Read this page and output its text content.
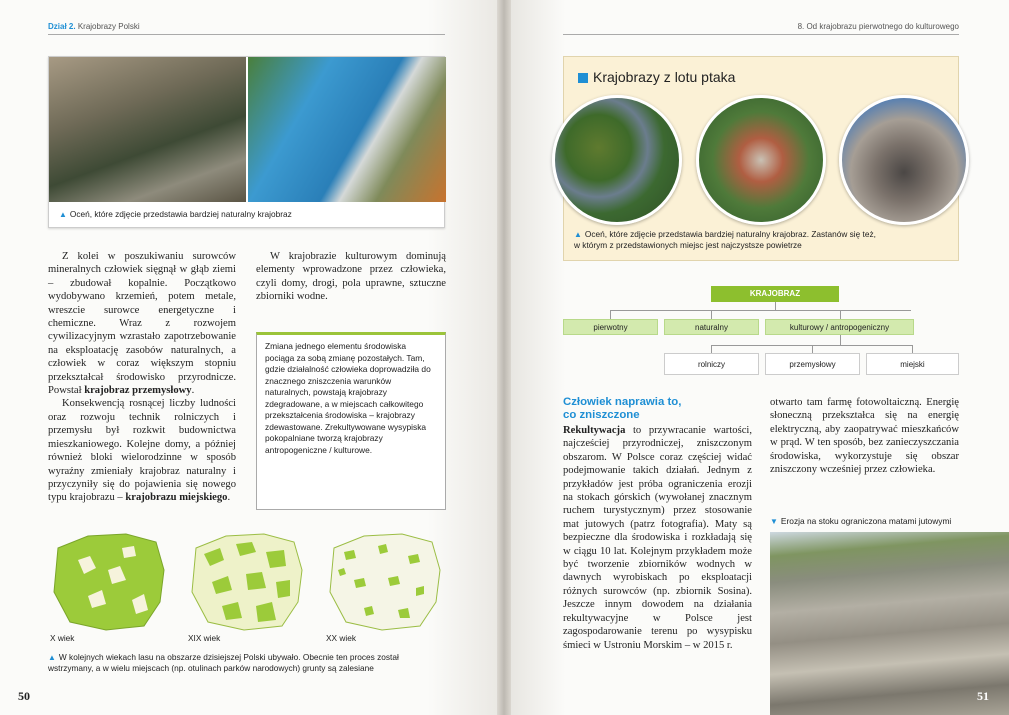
Dział 2. Krajobrazy Polski	8. Od krajobrazu pierwotnego do kulturowego
▲ Oceń, które zdjęcie przedstawia bardziej naturalny krajobraz

Z kolei w poszukiwaniu surowców mineralnych człowiek sięgnął w głąb ziemi – zbudował kopalnie. Początkowo wydobywano krzemień, potem metale, wreszcie surowce energetyczne i chemiczne. Wraz z rozwojem cywilizacyjnym wzrastało zapotrzebowanie na eksploatację zasobów naturalnych, a człowiek w coraz większym stopniu przekształcał środowisko przyrodnicze. Powstał krajobraz przemysłowy.

Konsekwencją rosnącej liczby ludności oraz rozwoju technik rolniczych i przemysłu był rozkwit budownictwa mieszkaniowego. Kolejne domy, a później również bloki wielorodzinne w sposób wyraźny zmieniały krajobraz naturalny i przyczyniły się do pojawienia się nowego typu krajobrazu – krajobrazu miejskiego.

W krajobrazie kulturowym dominują elementy wprowadzone przez człowieka, czyli domy, drogi, pola uprawne, sztuczne zbiorniki wodne.

Zmiana jednego elementu środowiska pociąga za sobą zmianę pozostałych. Tam, gdzie działalność człowieka doprowadziła do znacznego zniszczenia warunków naturalnych, powstają krajobrazy zdegradowane, a w miejscach całkowitego przekształcenia środowiska – krajobrazy zdewastowane. Zrekultywowane wysypiska pokopalniane tworzą krajobrazy antropogeniczne / kulturowe.
X wiek	XIX wiek	XX wiek
▲ W kolejnych wiekach lasu na obszarze dzisiejszej Polski ubywało. Obecnie ten proces został
wstrzymany, a w wielu miejscach (np. otulinach parków narodowych) grunty są zalesiane
50
Krajobrazy z lotu ptaka
▲ Oceń, które zdjęcie przedstawia bardziej naturalny krajobraz. Zastanów się też,
w którym z przedstawionych miejsc jest najczystsze powietrze
KRAJOBRAZ
pierwotny	naturalny	kulturowy / antropogeniczny
rolniczy	przemysłowy	miejski
Człowiek naprawia to,
co zniszczone

Rekultywacja to przywracanie wartości, najcześciej przyrodniczej, zniszczonym obszarom. W Polsce coraz częściej widać podejmowanie takich działań. Jednym z przykładów jest próba ograniczenia erozji na stokach górskich (wywołanej znacznym ruchem turystycznym) przez stosowanie mat jutowych (patrz fotografia). Maty są bezpieczne dla środowiska i rozkładają się w ciągu 10 lat. Kolejnym przykładem może być tworzenie zbiorników wodnych w dawnych wyrobiskach po eksploatacji różnych surowców (np. zbiornik Sosina). Jeszcze innym dowodem na działania rekultywacyjne w Polsce jest zagospodarowanie terenu po wysypisku śmieci w Ustroniu Morskim – w 2015 r.

otwarto tam farmę fotowoltaiczną. Energię słoneczną przekształca się na energię elektryczną, aby zaopatrywać mieszkańców w prąd. W ten sposób, bez zanieczyszczania środowiska, wykorzystuje się obszar zniszczony wcześniej przez człowieka.

▼ Erozja na stoku ograniczona matami jutowymi
51
